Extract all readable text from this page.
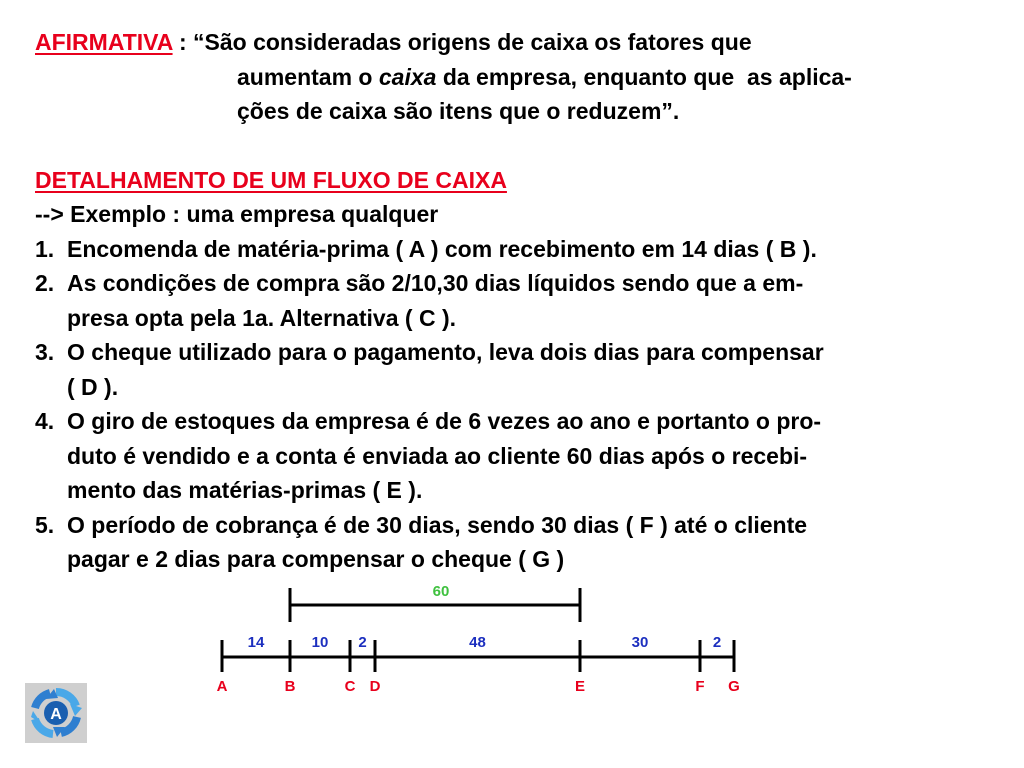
AFIRMATIVA : “São consideradas origens de caixa os fatores que
aumentam o caixa da empresa, enquanto que  as aplica-
ções de caixa são itens que o reduzem”.
DETALHAMENTO DE UM FLUXO DE CAIXA
--> Exemplo : uma empresa qualquer
1. Encomenda de matéria-prima ( A ) com recebimento em 14 dias ( B ).
2. As condições de compra são 2/10,30 dias líquidos sendo que a em-
presa opta pela 1a. Alternativa ( C ).
3. O cheque utilizado para o pagamento, leva dois dias para compensar
( D ).
4. O giro de estoques da empresa é de 6 vezes ao ano e portanto o pro-
duto é vendido e a conta é enviada ao cliente 60 dias após o recebi-
mento das matérias-primas ( E ).
5. O período de cobrança é de 30 dias, sendo 30 dias ( F ) até o cliente
pagar e 2 dias para compensar o cheque ( G )
A	B	C D	E	F G
14	10 2	48	30	2
60
A
